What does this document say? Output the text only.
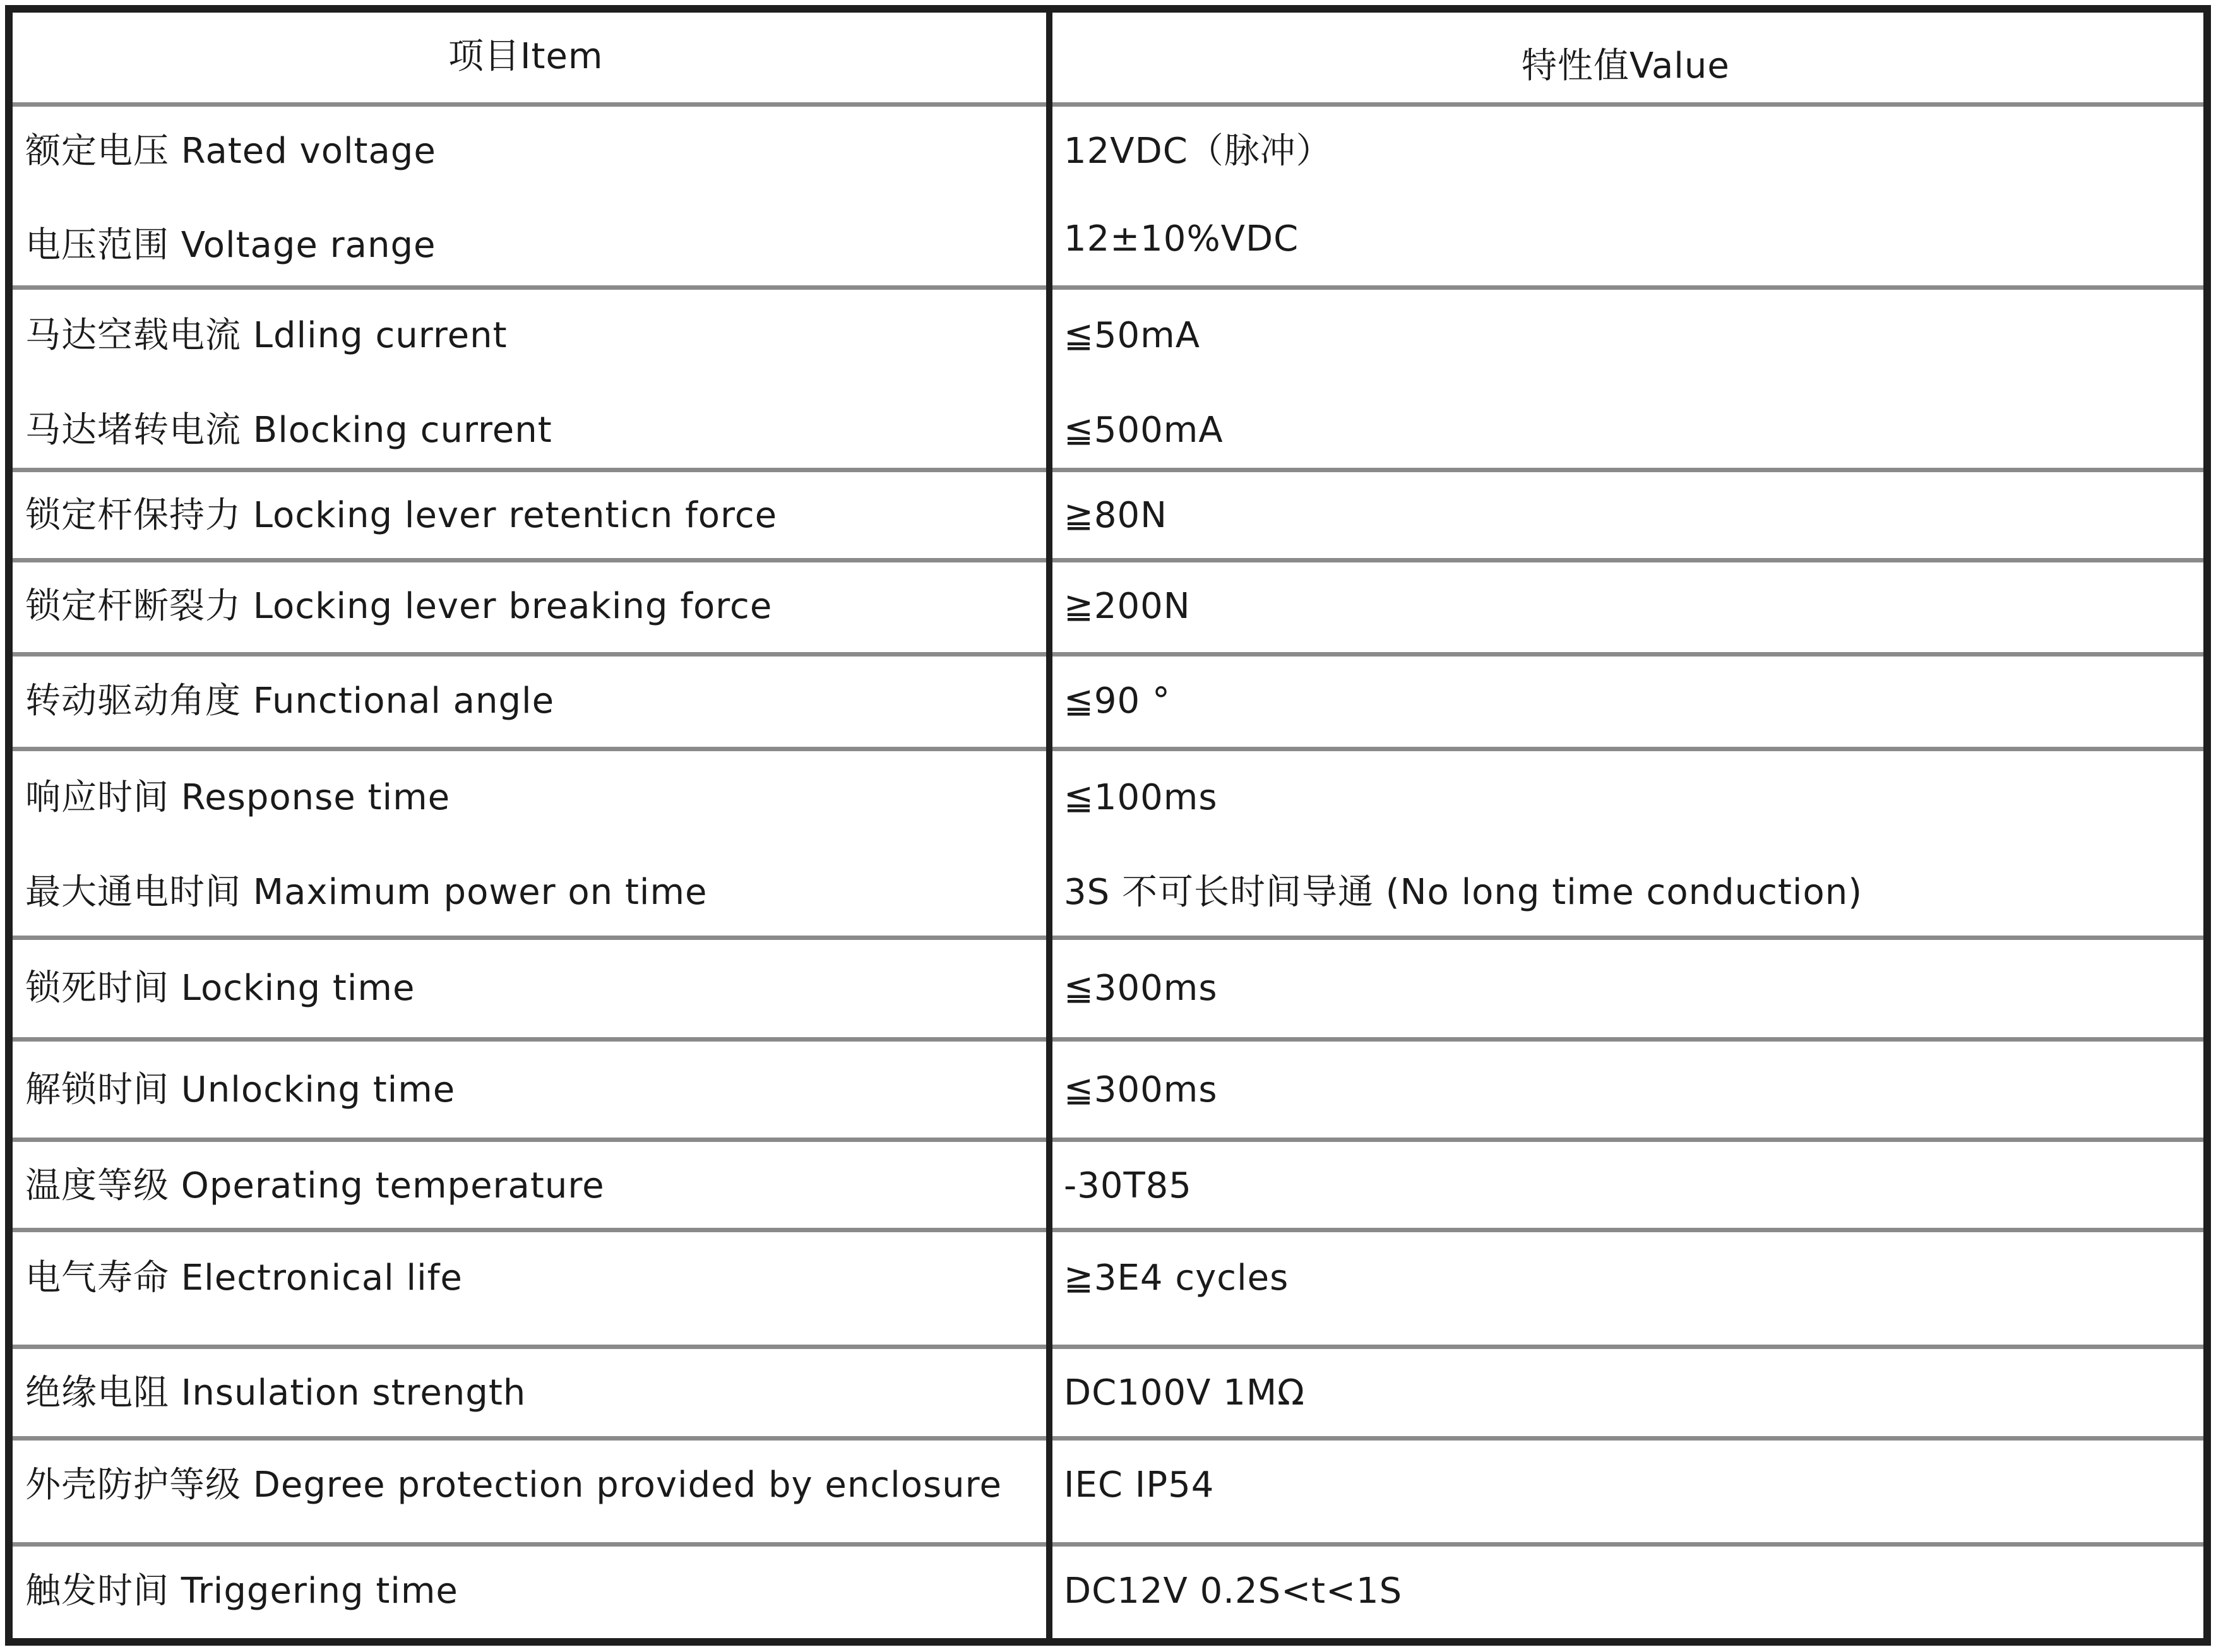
项目Item	特性值Value
额定电压 Rated voltage
电压范围 Voltage range
马达空载电流 Ldling current
马达堵转电流 Blocking current
锁定杆保持力 Locking lever retenticn force
锁定杆断裂力 Locking lever breaking force
转动驱动角度 Functional angle
响应时间 Response time
最大通电时间 Maximum power on time
锁死时间 Locking time
解锁时间 Unlocking time
温度等级 Operating temperature
电气寿命 Electronical life
绝缘电阻 Insulation strength
外壳防护等级 Degree protection provided by enclosure
触发时间 Triggering time
12VDC（脉冲）
12±10%VDC
≦50mA
≦500mA
≧80N
≧200N
≦90 °
≦100ms
3S 不可长时间导通 (No long time conduction)
≦300ms
≦300ms
-30T85
≧3E4 cycles
DC100V 1MΩ
IEC IP54
DC12V 0.2S<t<1S
